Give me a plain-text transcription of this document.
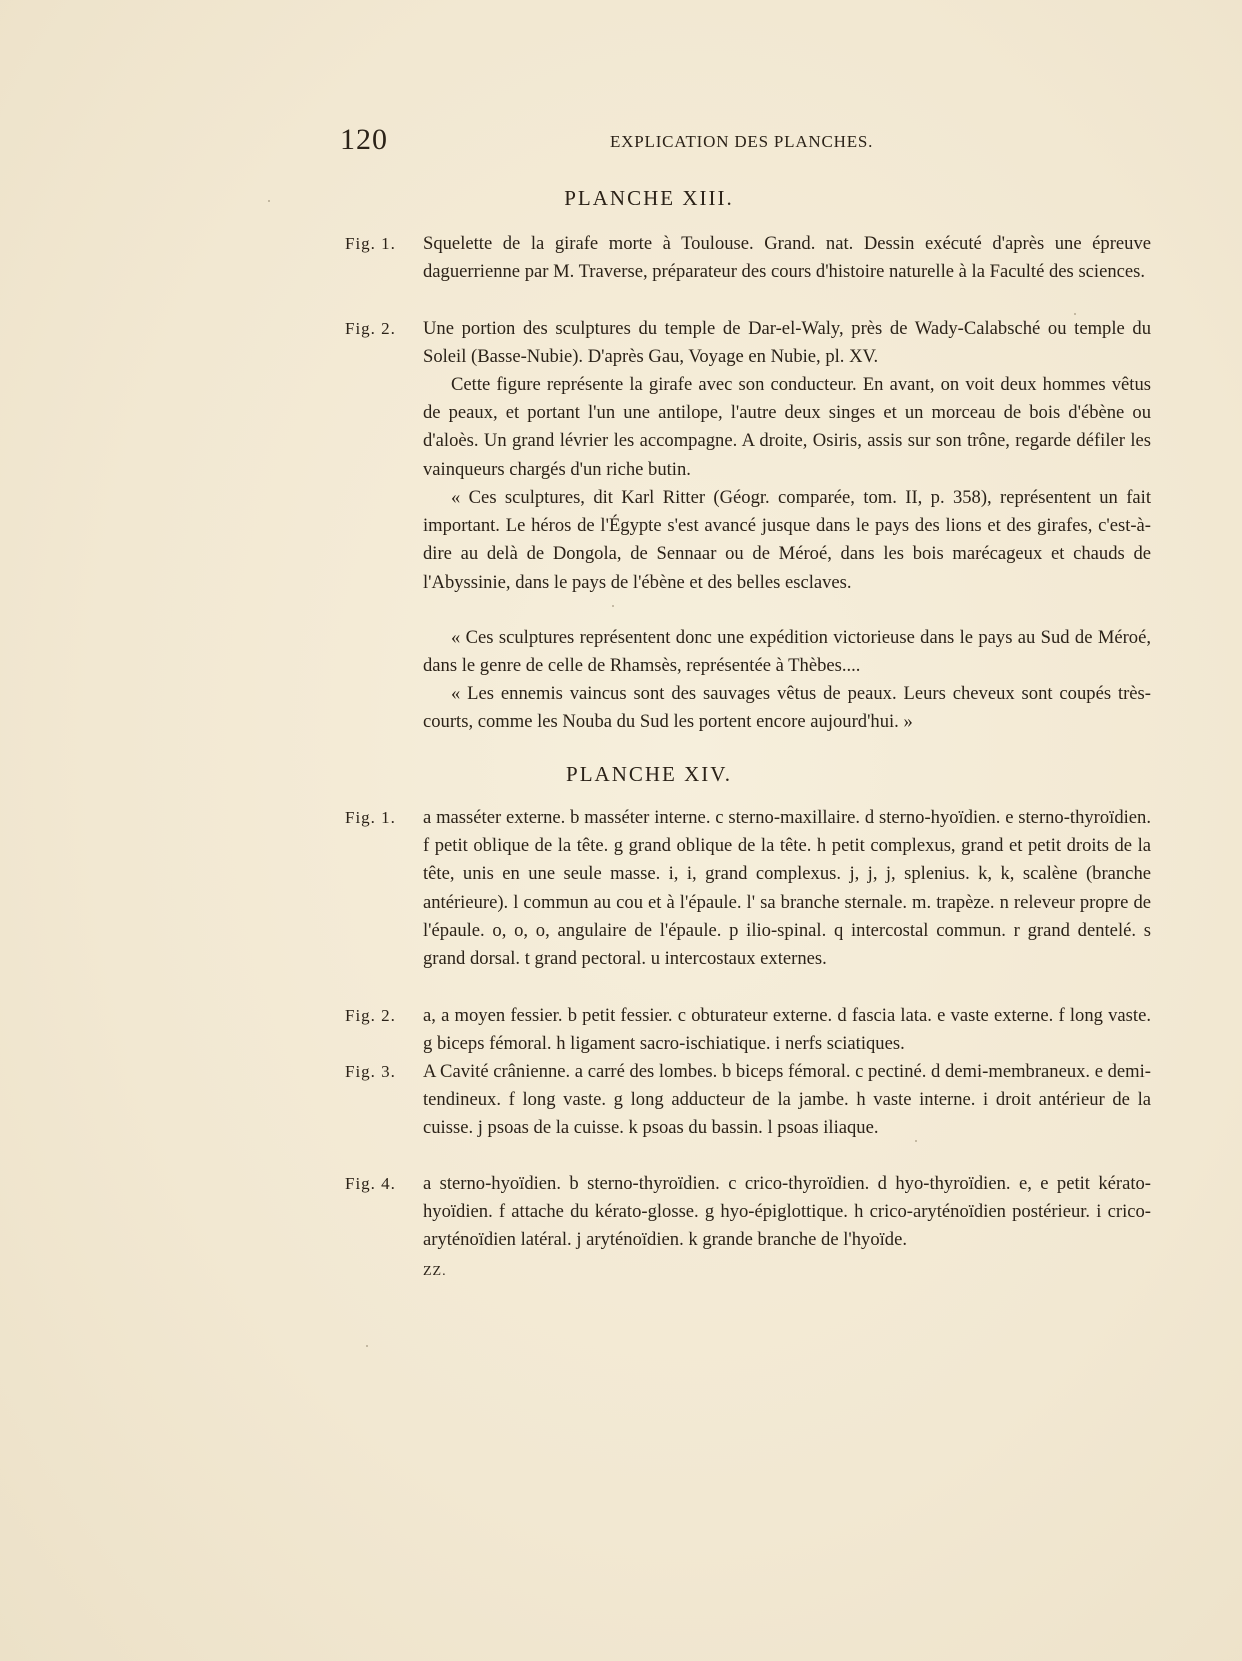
120	EXPLICATION DES PLANCHES.
PLANCHE XIII.
Fig. 1. Squelette de la girafe morte à Toulouse. Grand. nat. Dessin exécuté d'après une épreuve daguerrienne par M. Traverse, préparateur des cours d'histoire naturelle à la Faculté des sciences.
Fig. 2. Une portion des sculptures du temple de Dar-el-Waly, près de Wady-Calabsché ou temple du Soleil (Basse-Nubie). D'après Gau, Voyage en Nubie, pl. XV.
Cette figure représente la girafe avec son conducteur. En avant, on voit deux hommes vêtus de peaux, et portant l'un une antilope, l'autre deux singes et un morceau de bois d'ébène ou d'aloès. Un grand lévrier les accompagne. A droite, Osiris, assis sur son trône, regarde défiler les vainqueurs chargés d'un riche butin.
« Ces sculptures, dit Karl Ritter (Géogr. comparée, tom. II, p. 358), représentent un fait important. Le héros de l'Égypte s'est avancé jusque dans le pays des lions et des girafes, c'est-à-dire au delà de Dongola, de Sennaar ou de Méroé, dans les bois marécageux et chauds de l'Abyssinie, dans le pays de l'ébène et des belles esclaves.
« Ces sculptures représentent donc une expédition victorieuse dans le pays au Sud de Méroé, dans le genre de celle de Rhamsès, représentée à Thèbes....
« Les ennemis vaincus sont des sauvages vêtus de peaux. Leurs cheveux sont coupés très-courts, comme les Nouba du Sud les portent encore aujourd'hui. »
PLANCHE XIV.
Fig. 1. a masséter externe. b masséter interne. c sterno-maxillaire. d sterno-hyoïdien. e sterno-thyroïdien. f petit oblique de la tête. g grand oblique de la tête. h petit complexus, grand et petit droits de la tête, unis en une seule masse. i, i, grand complexus. j, j, j, splenius. k, k, scalène (branche antérieure). l commun au cou et à l'épaule. l' sa branche sternale. m. trapèze. n releveur propre de l'épaule. o, o, o, angulaire de l'épaule. p ilio-spinal. q intercostal commun. r grand dentelé. s grand dorsal. t grand pectoral. u intercostaux externes.
Fig. 2. a, a moyen fessier. b petit fessier. c obturateur externe. d fascia lata. e vaste externe. f long vaste. g biceps fémoral. h ligament sacro-ischiatique. i nerfs sciatiques.
Fig. 3. A Cavité crânienne. a carré des lombes. b biceps fémoral. c pectiné. d demi-membraneux. e demi-tendineux. f long vaste. g long adducteur de la jambe. h vaste interne. i droit antérieur de la cuisse. j psoas de la cuisse. k psoas du bassin. l psoas iliaque.
Fig. 4. a sterno-hyoïdien. b sterno-thyroïdien. c crico-thyroïdien. d hyo-thyroïdien. e, e petit kérato-hyoïdien. f attache du kérato-glosse. g hyo-épiglottique. h crico-aryténoïdien postérieur. i crico-aryténoïdien latéral. j aryténoïdien. k grande branche de l'hyoïde.
ZZ.
